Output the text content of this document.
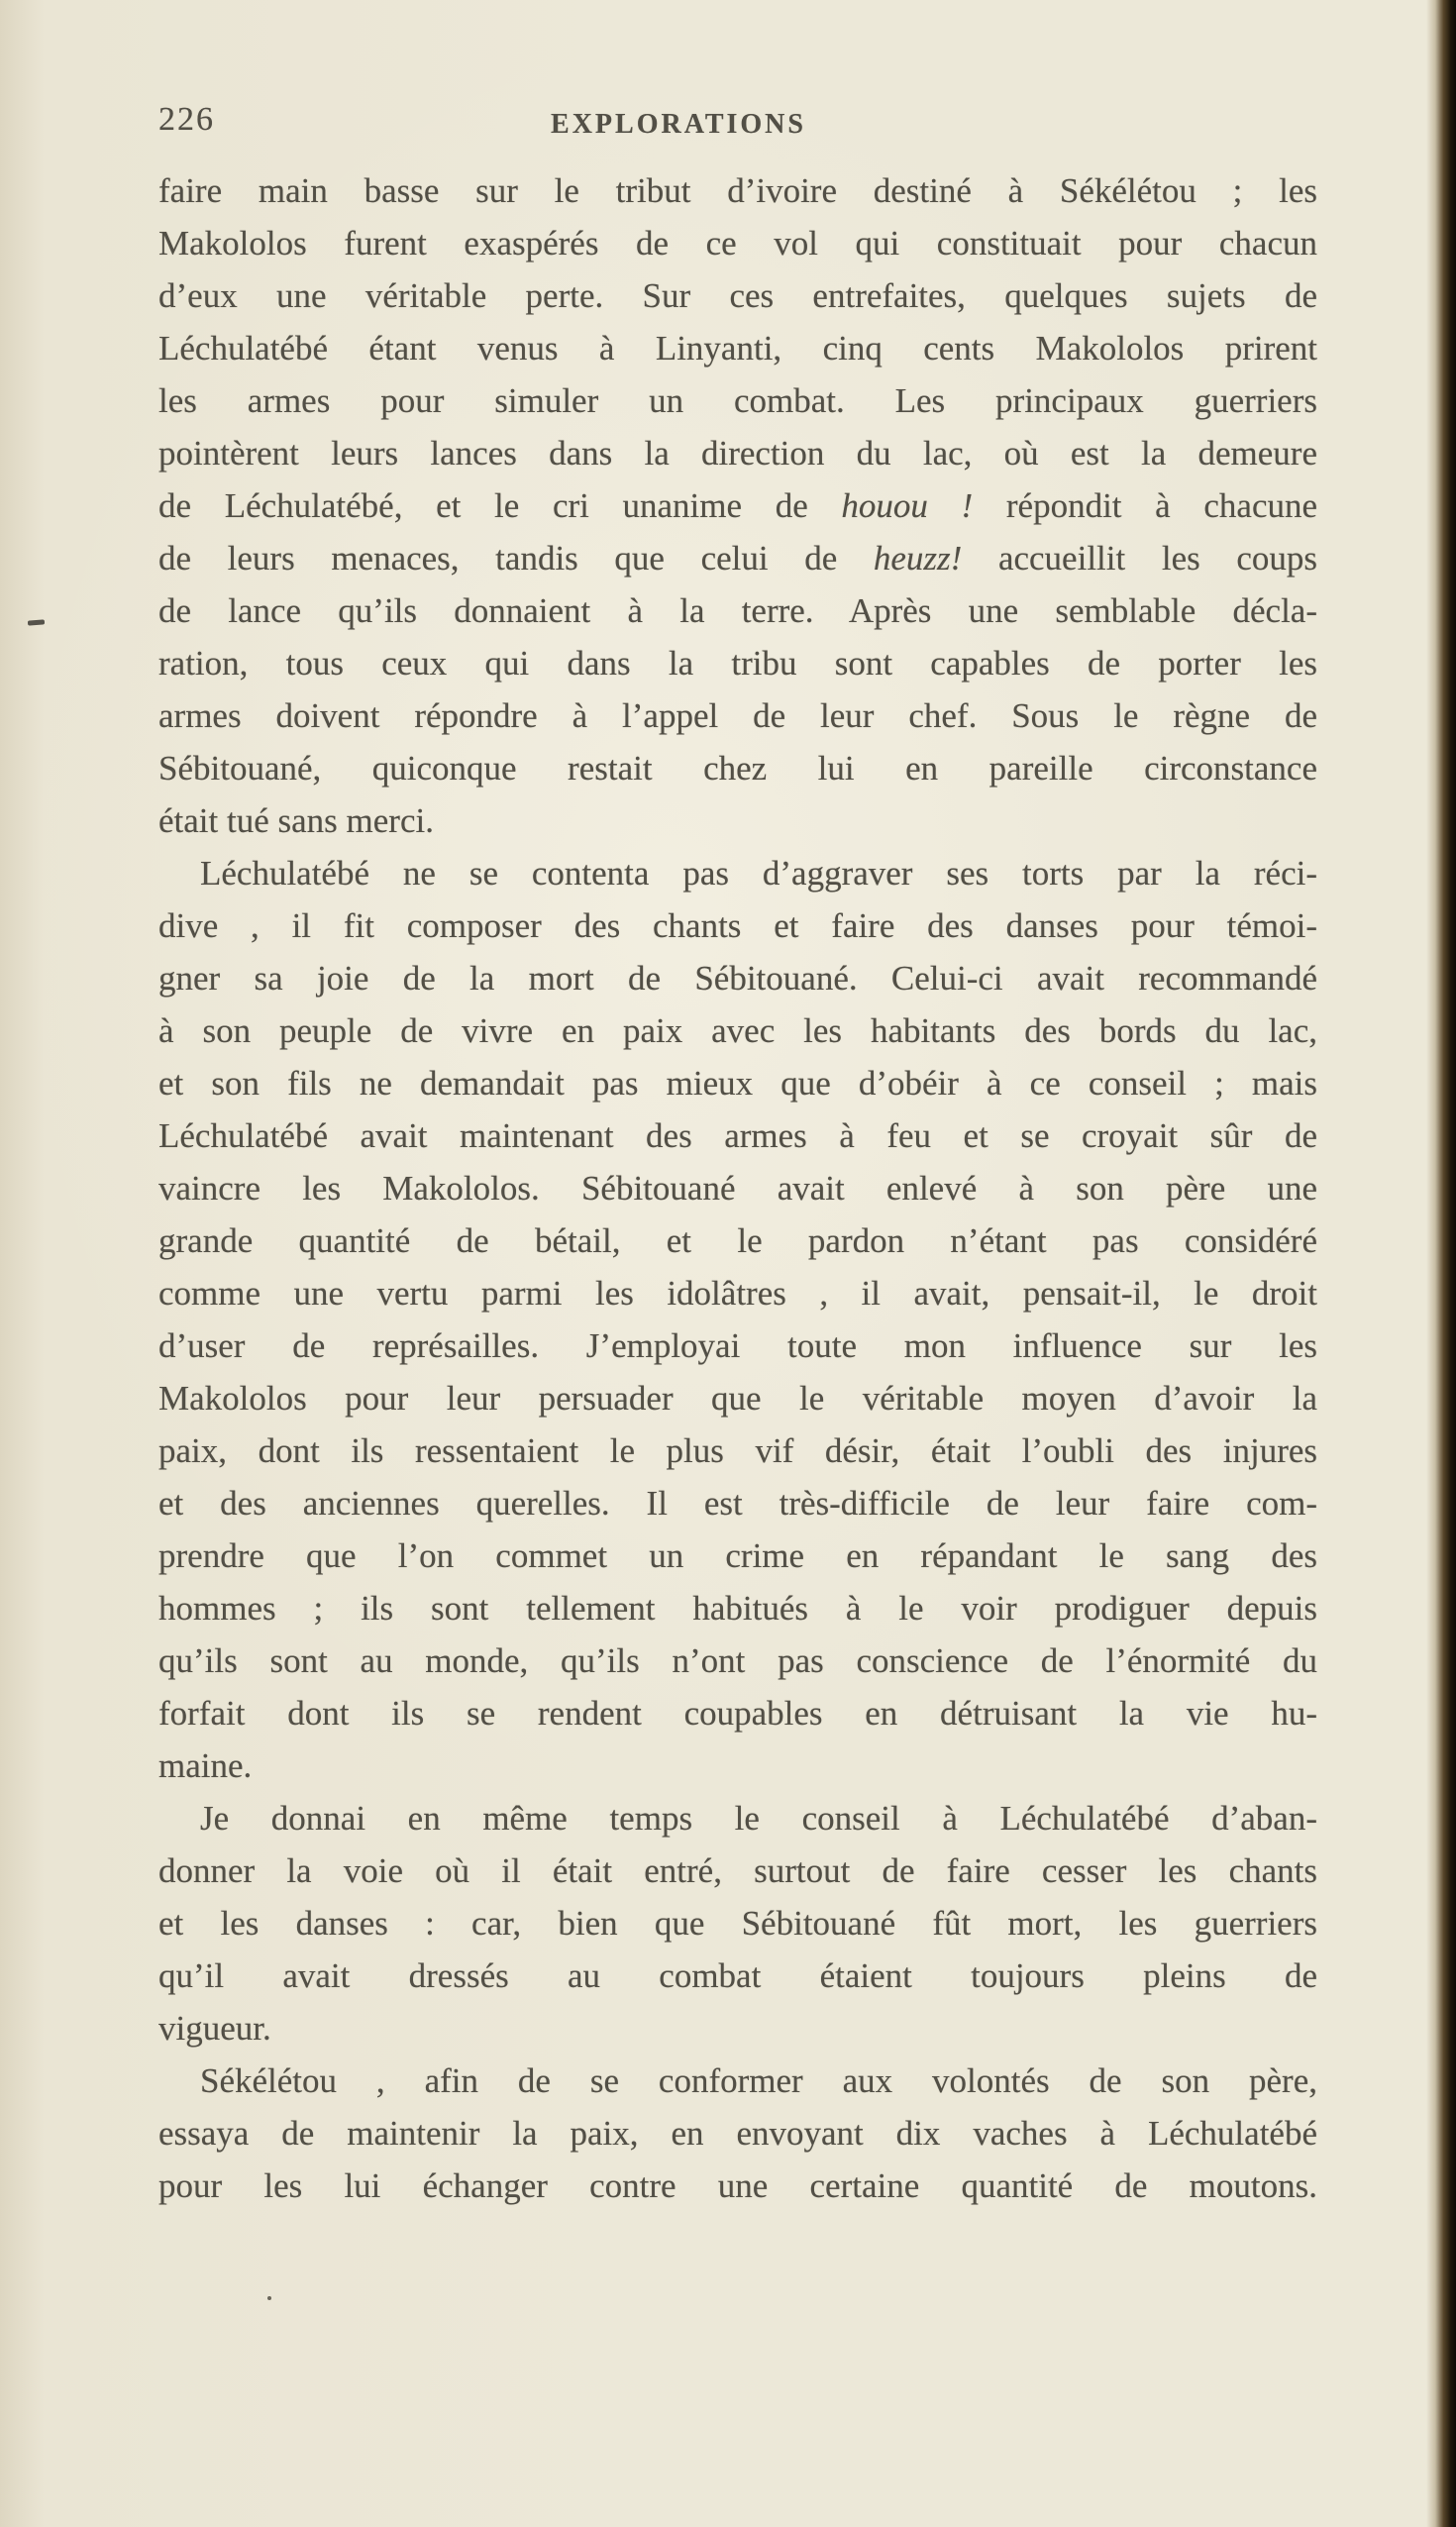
226	EXPLORATIONS
faire main basse sur le tribut d’ivoire destiné à Sékélétou ; les
Makololos furent exaspérés de ce vol qui constituait pour chacun
d’eux une véritable perte. Sur ces entrefaites, quelques sujets de
Léchulatébé étant venus à Linyanti, cinq cents Makololos prirent
les armes pour simuler un combat. Les principaux guerriers
pointèrent leurs lances dans la direction du lac, où est la demeure
de Léchulatébé, et le cri unanime de houou ! répondit à chacune
de leurs menaces, tandis que celui de heuzz! accueillit les coups
de lance qu’ils donnaient à la terre. Après une semblable décla-
ration, tous ceux qui dans la tribu sont capables de porter les
armes doivent répondre à l’appel de leur chef. Sous le règne de
Sébitouané, quiconque restait chez lui en pareille circonstance
était tué sans merci.
Léchulatébé ne se contenta pas d’aggraver ses torts par la réci-
dive , il fit composer des chants et faire des danses pour témoi-
gner sa joie de la mort de Sébitouané. Celui-ci avait recommandé
à son peuple de vivre en paix avec les habitants des bords du lac,
et son fils ne demandait pas mieux que d’obéir à ce conseil ; mais
Léchulatébé avait maintenant des armes à feu et se croyait sûr de
vaincre les Makololos. Sébitouané avait enlevé à son père une
grande quantité de bétail, et le pardon n’étant pas considéré
comme une vertu parmi les idolâtres , il avait, pensait-il, le droit
d’user de représailles. J’employai toute mon influence sur les
Makololos pour leur persuader que le véritable moyen d’avoir la
paix, dont ils ressentaient le plus vif désir, était l’oubli des injures
et des anciennes querelles. Il est très-difficile de leur faire com-
prendre que l’on commet un crime en répandant le sang des
hommes ; ils sont tellement habitués à le voir prodiguer depuis
qu’ils sont au monde, qu’ils n’ont pas conscience de l’énormité du
forfait dont ils se rendent coupables en détruisant la vie hu-
maine.
Je donnai en même temps le conseil à Léchulatébé d’aban-
donner la voie où il était entré, surtout de faire cesser les chants
et les danses : car, bien que Sébitouané fût mort, les guerriers
qu’il avait dressés au combat étaient toujours pleins de
vigueur.
Sékélétou , afin de se conformer aux volontés de son père,
essaya de maintenir la paix, en envoyant dix vaches à Léchulatébé
pour les lui échanger contre une certaine quantité de moutons.
